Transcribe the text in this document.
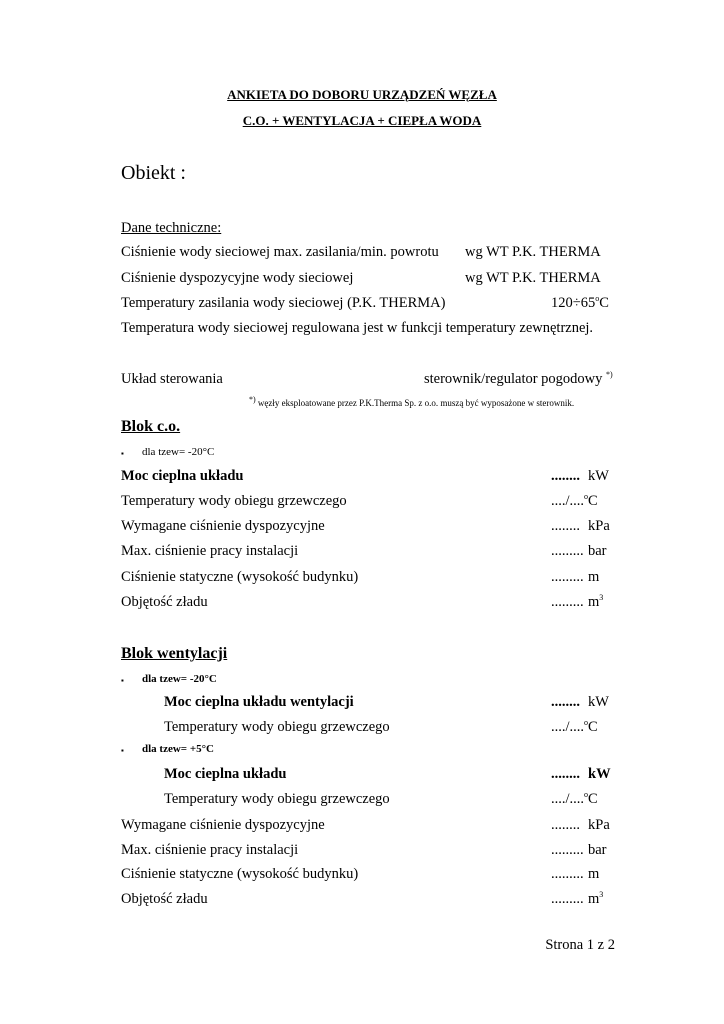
ANKIETA DO DOBORU URZĄDZEŃ WĘZŁA
C.O. + WENTYLACJA + CIEPŁA WODA
Obiekt :
Dane techniczne:
Ciśnienie wody sieciowej max. zasilania/min. powrotu wg WT P.K. THERMA
Ciśnienie dyspozycyjne wody sieciowej	wg WT P.K. THERMA
Temperatury zasilania wody sieciowej (P.K. THERMA)	$120\div 65^oC$
Temperatura wody sieciowej regulowana jest w funkcji temperatury zewnętrznej.
Układ sterowania	sterownik/regulator pogodowy *)
*) węzły eksploatowane przez P.K.Therma Sp. z o.o. muszą być wyposażone w sterownik.
Blok c.o.
▪ dla tzew= -20°C
Moc cieplna układu	........ kW
Temperatury wody obiegu grzewczego	..../....$^o$C
Wymagane ciśnienie dyspozycyjne	........ kPa
Max. ciśnienie pracy instalacji	......... bar
Ciśnienie statyczne (wysokość budynku)	......... m
Objętość zładu	......... $m^3$
Blok wentylacji
▪ dla tzew= -20°C
Moc cieplna układu wentylacji	........ kW
Temperatury wody obiegu grzewczego	..../....$^o$C
▪ dla tzew= +5°C
Moc cieplna układu	........ kW
Temperatury wody obiegu grzewczego	..../....$^o$C
Wymagane ciśnienie dyspozycyjne	........ kPa
Max. ciśnienie pracy instalacji	......... bar
Ciśnienie statyczne (wysokość budynku)	......... m
Objętość zładu	......... $m^3$
Strona 1 z 2
